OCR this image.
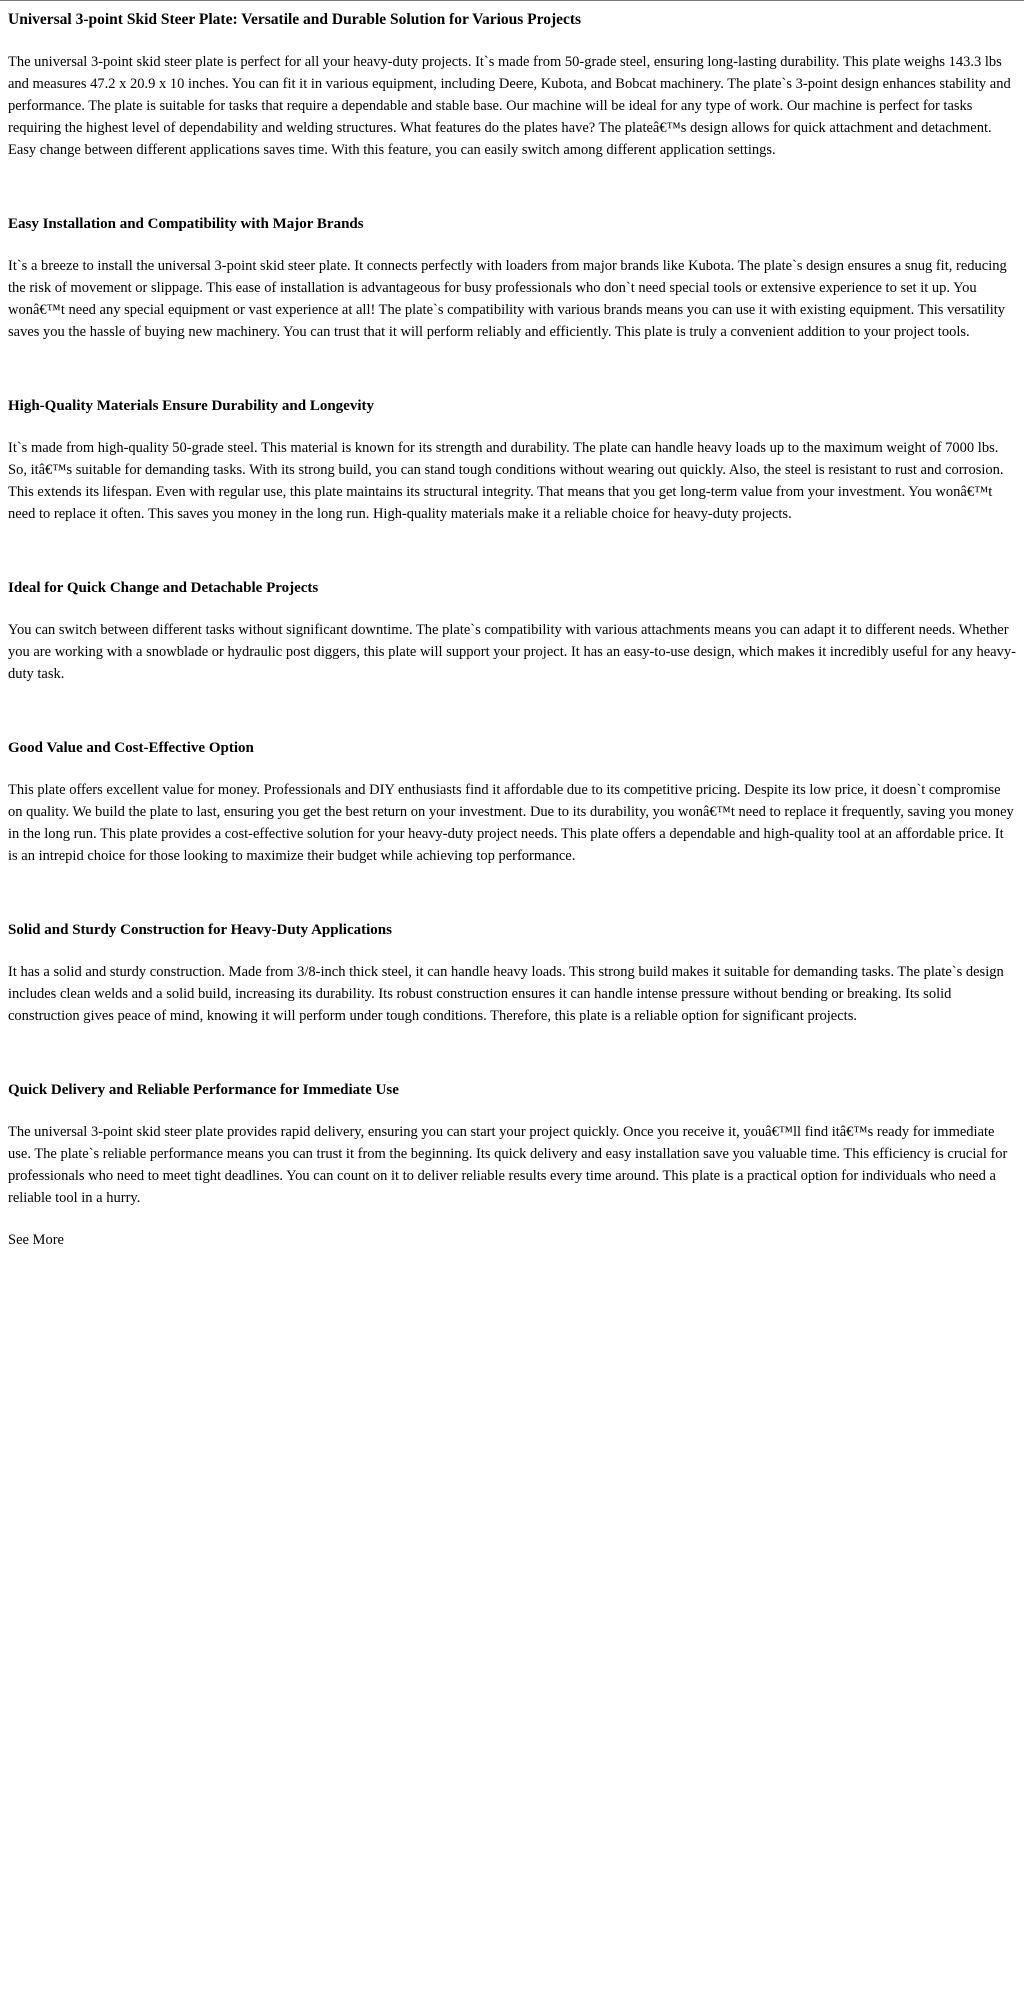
Universal 3-point Skid Steer Plate: Versatile and Durable Solution for Various Projects

The universal 3-point skid steer plate is perfect for all your heavy-duty projects. It`s made from 50-grade steel, ensuring long-lasting durability. This plate weighs 143.3 lbs and measures 47.2 x 20.9 x 10 inches. You can fit it in various equipment, including Deere, Kubota, and Bobcat machinery. The plate`s 3-point design enhances stability and performance. The plate is suitable for tasks that require a dependable and stable base. Our machine will be ideal for any type of work. Our machine is perfect for tasks requiring the highest level of dependability and welding structures. What features do the plates have? The plateâ€™s design allows for quick attachment and detachment. Easy change between different applications saves time. With this feature, you can easily switch among different application settings.

Easy Installation and Compatibility with Major Brands

It`s a breeze to install the universal 3-point skid steer plate. It connects perfectly with loaders from major brands like Kubota. The plate`s design ensures a snug fit, reducing the risk of movement or slippage. This ease of installation is advantageous for busy professionals who don`t need special tools or extensive experience to set it up. You wonâ€™t need any special equipment or vast experience at all! The plate`s compatibility with various brands means you can use it with existing equipment. This versatility saves you the hassle of buying new machinery. You can trust that it will perform reliably and efficiently. This plate is truly a convenient addition to your project tools.

High-Quality Materials Ensure Durability and Longevity

It`s made from high-quality 50-grade steel. This material is known for its strength and durability. The plate can handle heavy loads up to the maximum weight of 7000 lbs. So, itâ€™s suitable for demanding tasks. With its strong build, you can stand tough conditions without wearing out quickly. Also, the steel is resistant to rust and corrosion. This extends its lifespan. Even with regular use, this plate maintains its structural integrity. That means that you get long-term value from your investment. You wonâ€™t need to replace it often. This saves you money in the long run. High-quality materials make it a reliable choice for heavy-duty projects.

Ideal for Quick Change and Detachable Projects

You can switch between different tasks without significant downtime. The plate`s compatibility with various attachments means you can adapt it to different needs. Whether you are working with a snowblade or hydraulic post diggers, this plate will support your project. It has an easy-to-use design, which makes it incredibly useful for any heavy-duty task.

Good Value and Cost-Effective Option

This plate offers excellent value for money. Professionals and DIY enthusiasts find it affordable due to its competitive pricing. Despite its low price, it doesn`t compromise on quality. We build the plate to last, ensuring you get the best return on your investment. Due to its durability, you wonâ€™t need to replace it frequently, saving you money in the long run. This plate provides a cost-effective solution for your heavy-duty project needs. This plate offers a dependable and high-quality tool at an affordable price. It is an intrepid choice for those looking to maximize their budget while achieving top performance.

Solid and Sturdy Construction for Heavy-Duty Applications

It has a solid and sturdy construction. Made from 3/8-inch thick steel, it can handle heavy loads. This strong build makes it suitable for demanding tasks. The plate`s design includes clean welds and a solid build, increasing its durability. Its robust construction ensures it can handle intense pressure without bending or breaking. Its solid construction gives peace of mind, knowing it will perform under tough conditions. Therefore, this plate is a reliable option for significant projects.

Quick Delivery and Reliable Performance for Immediate Use

The universal 3-point skid steer plate provides rapid delivery, ensuring you can start your project quickly. Once you receive it, youâ€™ll find itâ€™s ready for immediate use. The plate`s reliable performance means you can trust it from the beginning. Its quick delivery and easy installation save you valuable time. This efficiency is crucial for professionals who need to meet tight deadlines. You can count on it to deliver reliable results every time around. This plate is a practical option for individuals who need a reliable tool in a hurry.

See More
